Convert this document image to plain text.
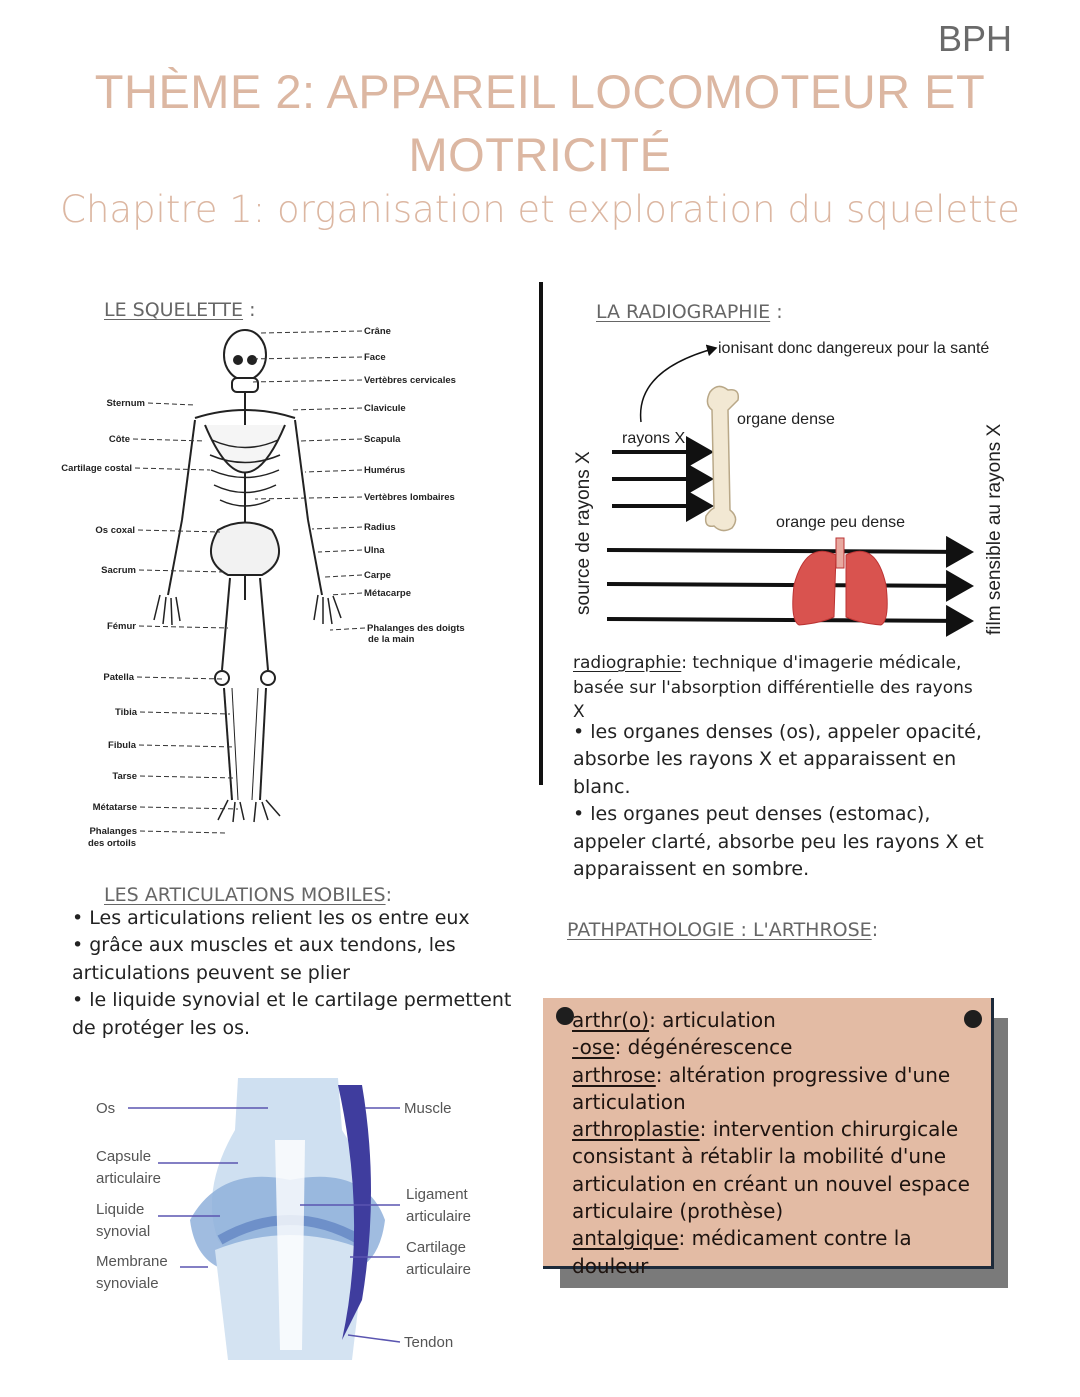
BPH
THÈME 2: APPAREIL LOCOMOTEUR ET
MOTRICITÉ
Chapitre 1: organisation et exploration du squelette
LE SQUELETTE :
Sternum
Côte
Cartilage costal
Os coxal
Sacrum
Fémur
Patella
Tibia
Fibula
Tarse
Métatarse
Phalanges
des ortoils
Crâne
Face
Vertèbres cervicales
Clavicule
Scapula
Humérus
Vertèbres lombaires
Radius
Ulna
Carpe
Métacarpe
Phalanges des doigts
de la main
LA RADIOGRAPHIE :
ionisant donc dangereux pour la santé
rayons X
organe dense
orange peu dense
source de rayons X	film sensible au rayons X
radiographie: technique d'imagerie médicale, basée sur l'absorption différentielle des rayons X
• les organes denses (os), appeler opacité, absorbe les rayons X et apparaissent en blanc.
• les organes peut denses (estomac), appeler clarté, absorbe peu les rayons X et apparaissent en sombre.
LES ARTICULATIONS MOBILES:
• Les articulations relient les os entre eux
• grâce aux muscles et aux tendons, les articulations peuvent se plier
• le liquide synovial et le cartilage permettent de protéger les os.
Os
Capsule
articulaire
Liquide
synovial
Membrane
synoviale
Muscle
Ligament
articulaire
Cartilage
articulaire
Tendon
PATHPATHOLOGIE : L'ARTHROSE:
arthr(o): articulation
-ose: dégénérescence
arthrose: altération progressive d'une articulation
arthroplastie: intervention chirurgicale consistant à rétablir la mobilité d'une articulation en créant un nouvel espace articulaire (prothèse)
antalgique: médicament contre la douleur
